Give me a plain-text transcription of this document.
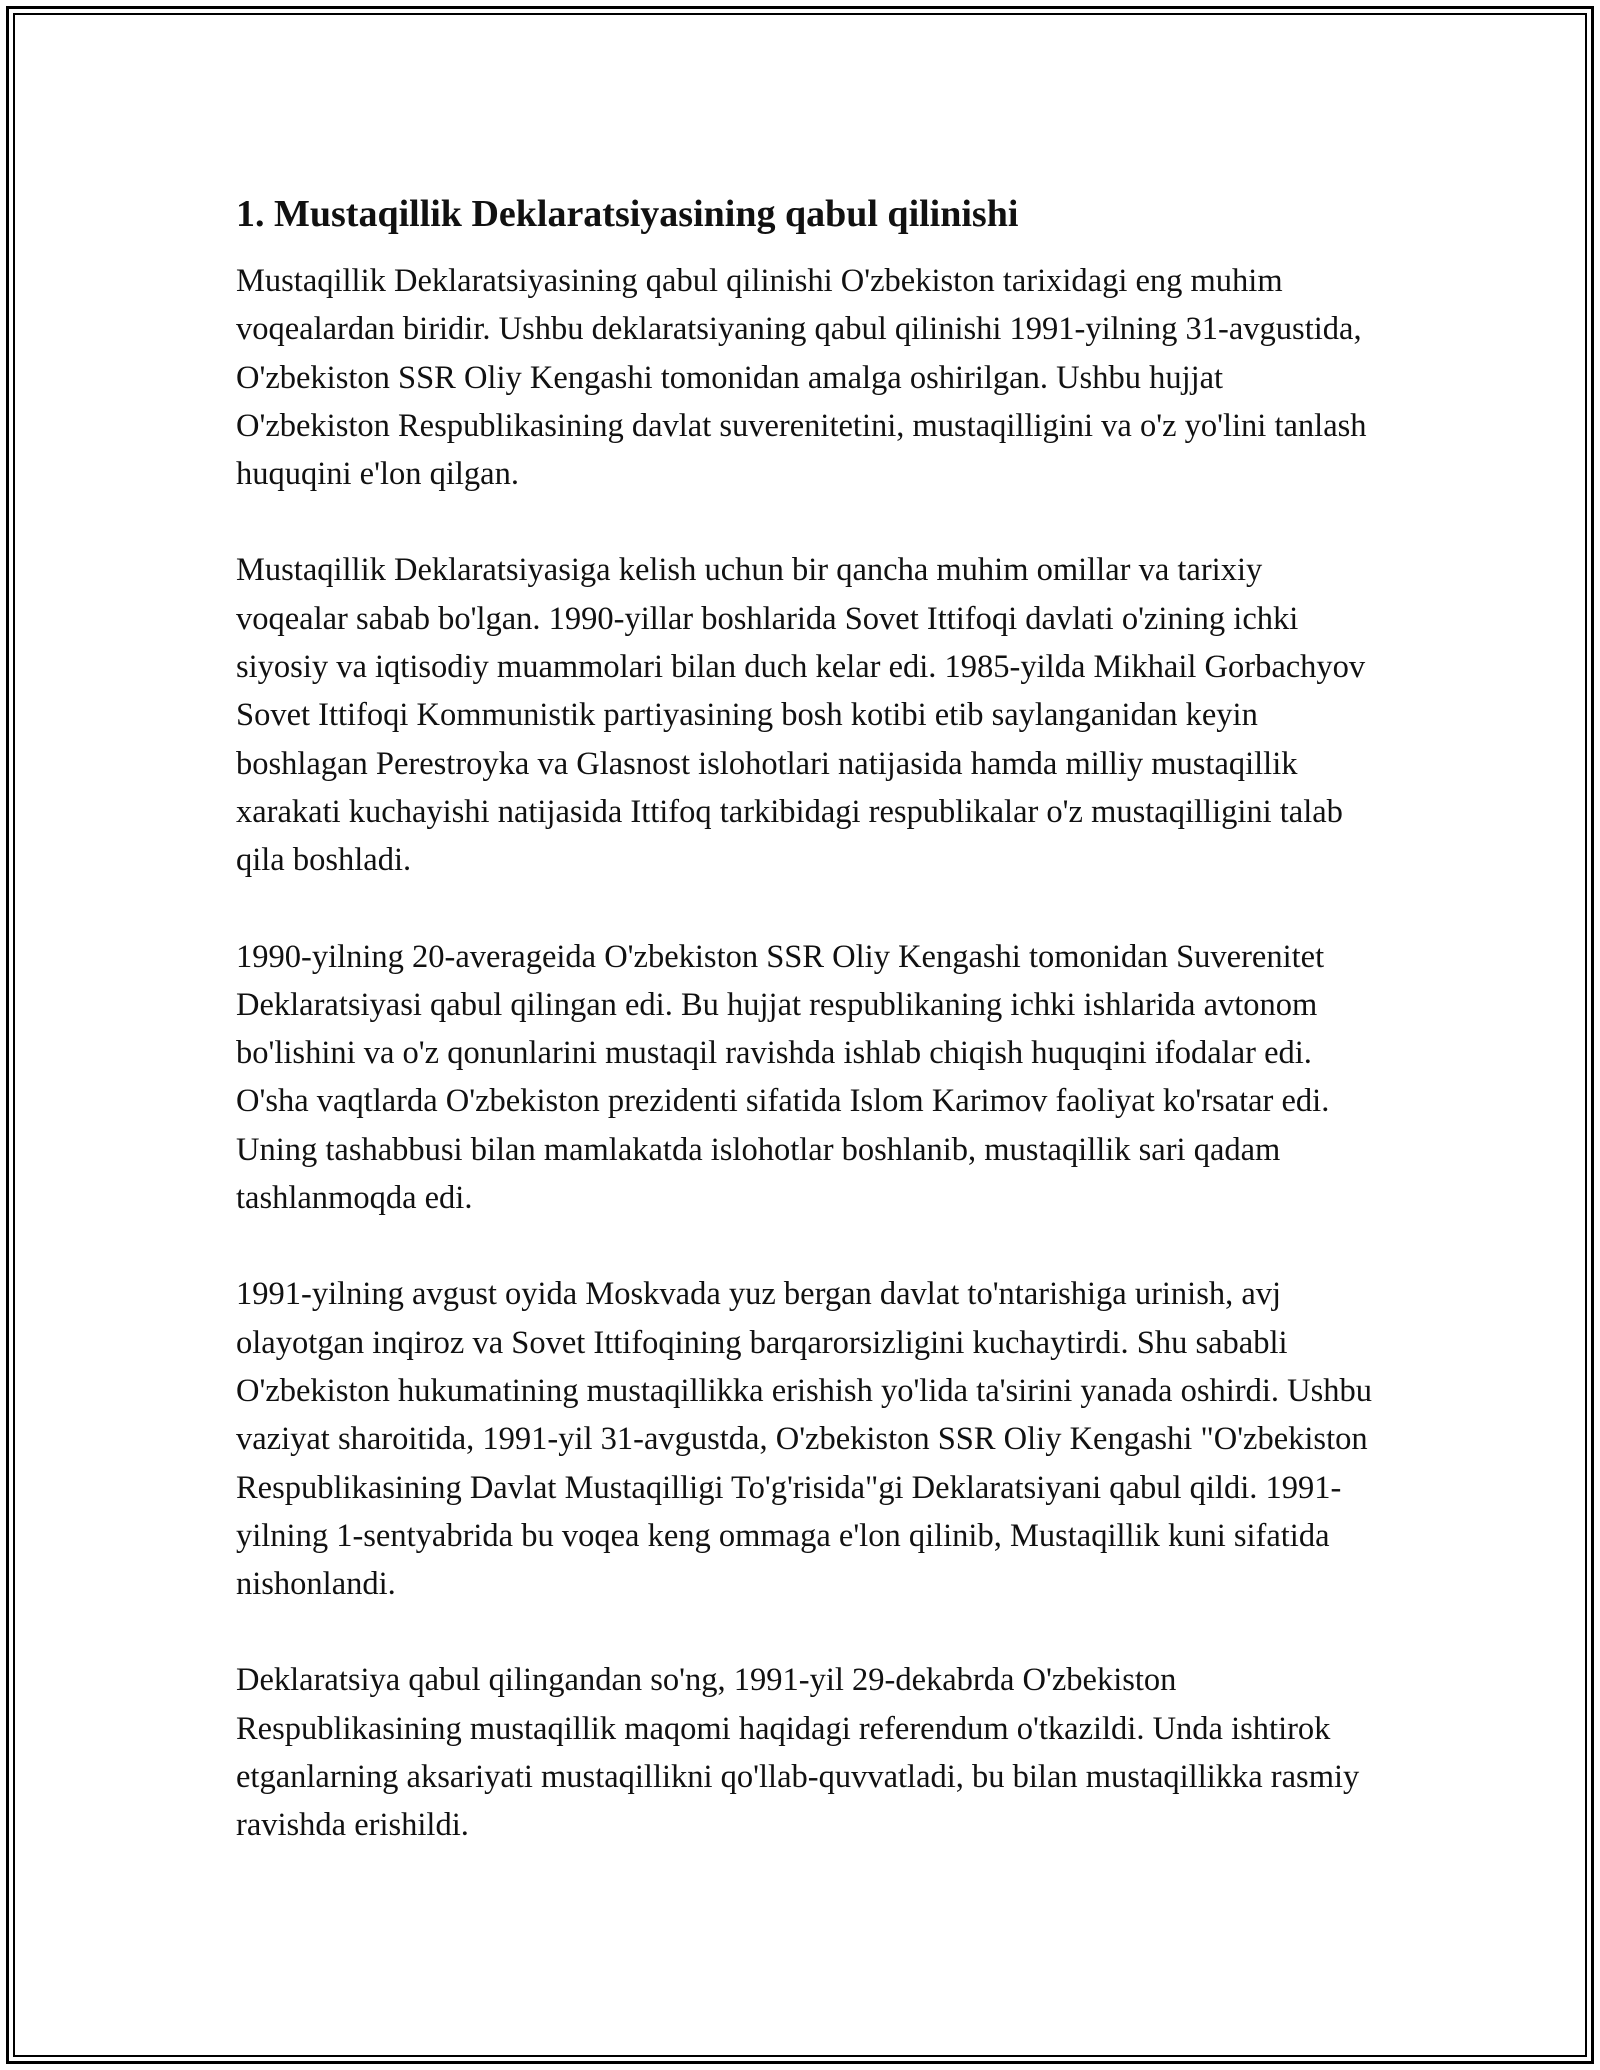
1. Mustaqillik Deklaratsiyasining qabul qilinishi

Mustaqillik Deklaratsiyasining qabul qilinishi O'zbekiston tarixidagi eng muhim voqealardan biridir. Ushbu deklaratsiyaning qabul qilinishi 1991-yilning 31-avgustida, O'zbekiston SSR Oliy Kengashi tomonidan amalga oshirilgan. Ushbu hujjat O'zbekiston Respublikasining davlat suverenitetini, mustaqilligini va o'z yo'lini tanlash huquqini e'lon qilgan.

Mustaqillik Deklaratsiyasiga kelish uchun bir qancha muhim omillar va tarixiy voqealar sabab bo'lgan. 1990-yillar boshlarida Sovet Ittifoqi davlati o'zining ichki siyosiy va iqtisodiy muammolari bilan duch kelar edi. 1985-yilda Mikhail Gorbachyov Sovet Ittifoqi Kommunistik partiyasining bosh kotibi etib saylanganidan keyin boshlagan Perestroyka va Glasnost islohotlari natijasida hamda milliy mustaqillik xarakati kuchayishi natijasida Ittifoq tarkibidagi respublikalar o'z mustaqilligini talab qila boshladi.

1990-yilning 20-averageida O'zbekiston SSR Oliy Kengashi tomonidan Suverenitet Deklaratsiyasi qabul qilingan edi. Bu hujjat respublikaning ichki ishlarida avtonom bo'lishini va o'z qonunlarini mustaqil ravishda ishlab chiqish huquqini ifodalar edi. O'sha vaqtlarda O'zbekiston prezidenti sifatida Islom Karimov faoliyat ko'rsatar edi. Uning tashabbusi bilan mamlakatda islohotlar boshlanib, mustaqillik sari qadam tashlanmoqda edi.

1991-yilning avgust oyida Moskvada yuz bergan davlat to'ntarishiga urinish, avj olayotgan inqiroz va Sovet Ittifoqining barqarorsizligini kuchaytirdi. Shu sababli O'zbekiston hukumatining mustaqillikka erishish yo'lida ta'sirini yanada oshirdi. Ushbu vaziyat sharoitida, 1991-yil 31-avgustda, O'zbekiston SSR Oliy Kengashi "O'zbekiston Respublikasining Davlat Mustaqilligi To'g'risida"gi Deklaratsiyani qabul qildi. 1991-yilning 1-sentyabrida bu voqea keng ommaga e'lon qilinib, Mustaqillik kuni sifatida nishonlandi.

Deklaratsiya qabul qilingandan so'ng, 1991-yil 29-dekabrda O'zbekiston Respublikasining mustaqillik maqomi haqidagi referendum o'tkazildi. Unda ishtirok etganlarning aksariyati mustaqillikni qo'llab-quvvatladi, bu bilan mustaqillikka rasmiy ravishda erishildi.
